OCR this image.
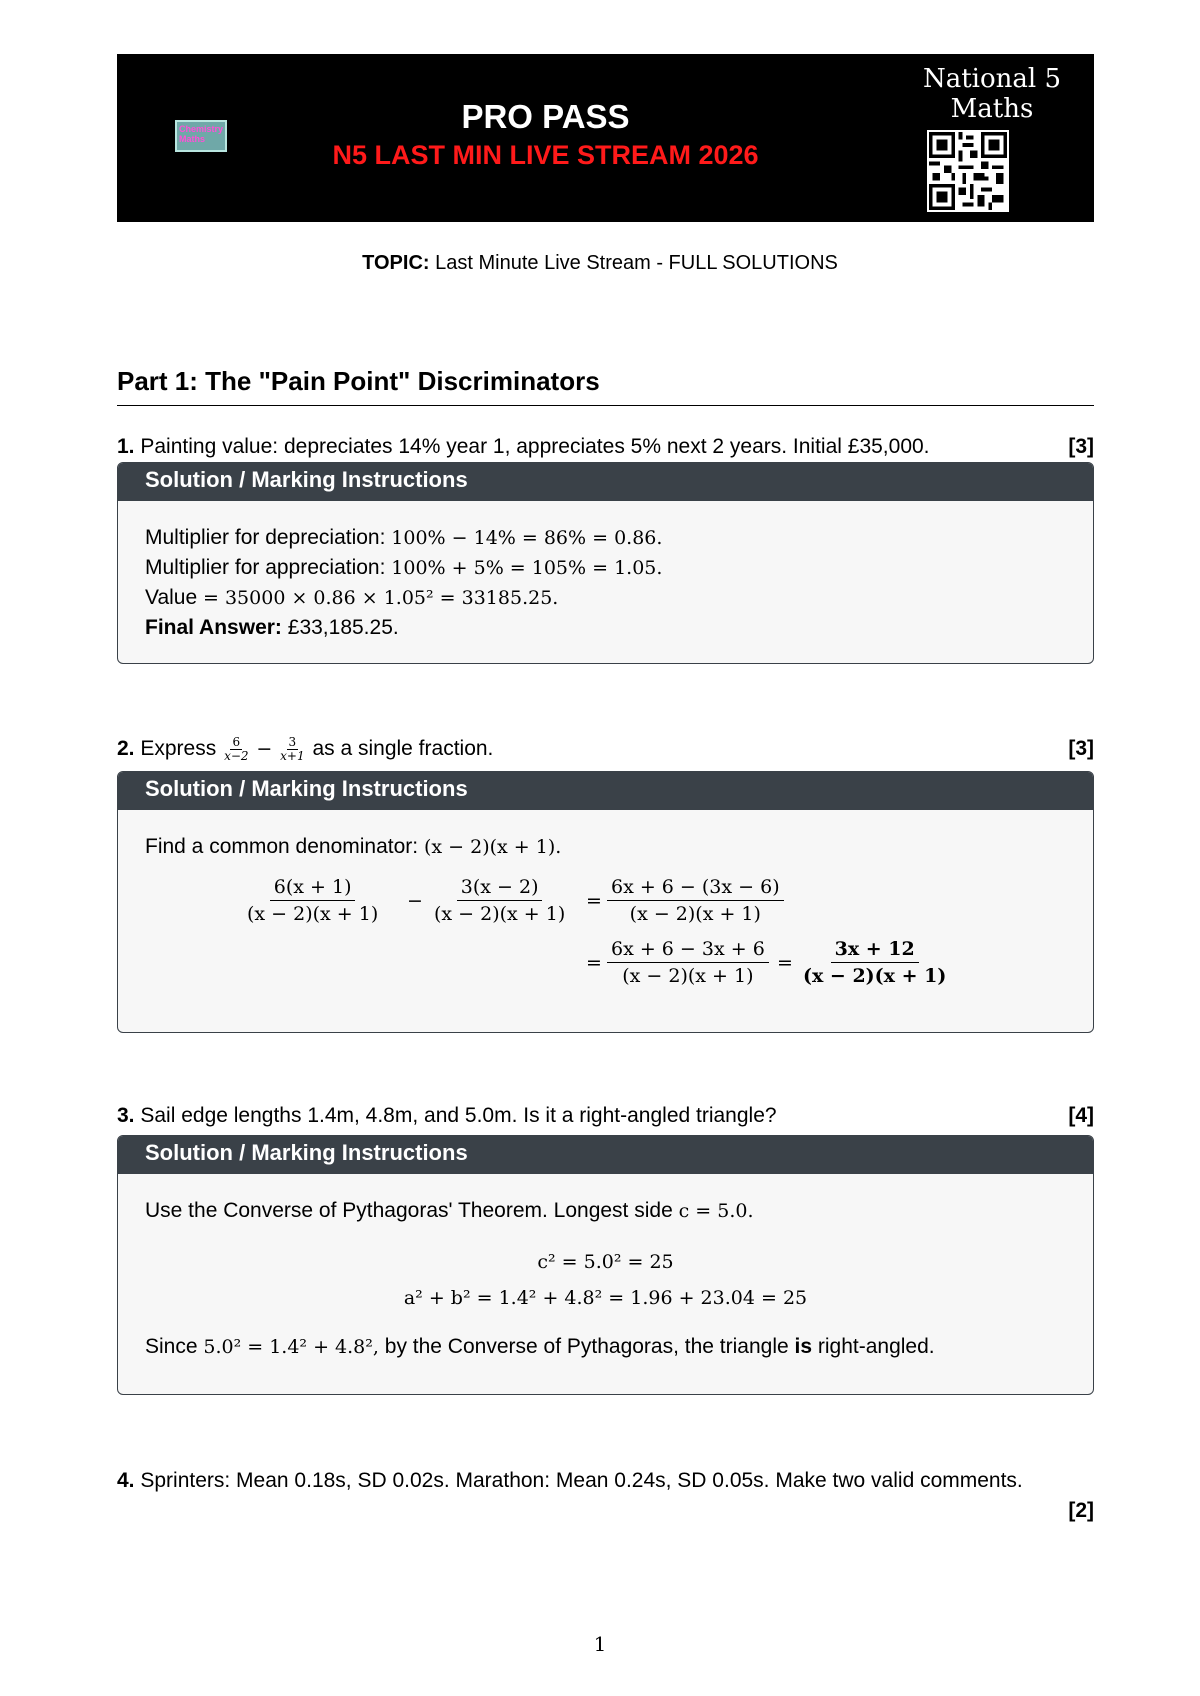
Chemistry Maths
PRO PASS
N5 LAST MIN LIVE STREAM 2026
National 5
Maths
TOPIC: Last Minute Live Stream - FULL SOLUTIONS
Part 1: The "Pain Point" Discriminators
1. Painting value: depreciates 14% year 1, appreciates 5% next 2 years. Initial £35,000.	[3]
Solution / Marking Instructions
Multiplier for depreciation: 100% − 14% = 86% = 0.86.
Multiplier for appreciation: 100% + 5% = 105% = 1.05.
Value = 35000 × 0.86 × 1.05² = 33185.25.
Final Answer: £33,185.25.
2. Express $\frac{6}{x-2} - \frac{3}{x+1}$ as a single fraction.	[3]
Solution / Marking Instructions
Find a common denominator: (x − 2)(x + 1).
$\frac{6(x + 1)}{(x - 2)(x + 1)} - \frac{3(x - 2)}{(x - 2)(x + 1)} = \frac{6x + 6 - (3x - 6)}{(x - 2)(x + 1)}$
= $\frac{6x + 6 - 3x + 6}{(x - 2)(x + 1)} = \frac{3x + 12}{(x - 2)(x + 1)}$
3. Sail edge lengths 1.4m, 4.8m, and 5.0m. Is it a right-angled triangle?	[4]
Solution / Marking Instructions
Use the Converse of Pythagoras' Theorem. Longest side c = 5.0.
c² = 5.0² = 25
a² + b² = 1.4² + 4.8² = 1.96 + 23.04 = 25
Since 5.0² = 1.4² + 4.8², by the Converse of Pythagoras, the triangle is right-angled.
4. Sprinters: Mean 0.18s, SD 0.02s. Marathon: Mean 0.24s, SD 0.05s. Make two valid comments.
[2]
1
